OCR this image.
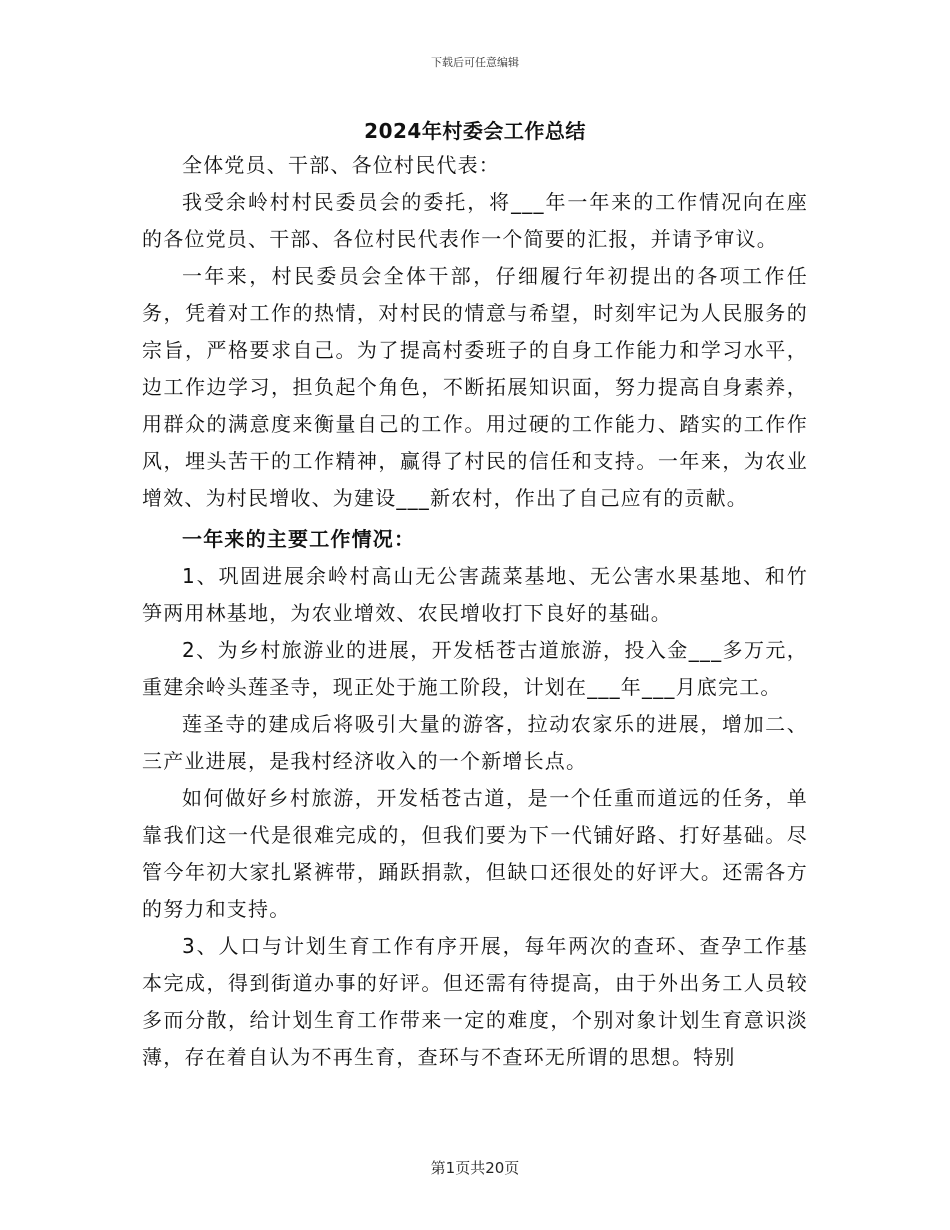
下载后可任意编辑
2024年村委会工作总结

全体党员、干部、各位村民代表：

我受余岭村村民委员会的委托，将___年一年来的工作情况向在座的各位党员、干部、各位村民代表作一个简要的汇报，并请予审议。

一年来，村民委员会全体干部，仔细履行年初提出的各项工作任务，凭着对工作的热情，对村民的情意与希望，时刻牢记为人民服务的宗旨，严格要求自己。为了提高村委班子的自身工作能力和学习水平，边工作边学习，担负起个角色，不断拓展知识面，努力提高自身素养，用群众的满意度来衡量自己的工作。用过硬的工作能力、踏实的工作作风，埋头苦干的工作精神，赢得了村民的信任和支持。一年来，为农业增效、为村民增收、为建设___新农村，作出了自己应有的贡献。

一年来的主要工作情况：

1、巩固进展余岭村高山无公害蔬菜基地、无公害水果基地、和竹笋两用林基地，为农业增效、农民增收打下良好的基础。

2、为乡村旅游业的进展，开发栝苍古道旅游，投入金___多万元，重建余岭头莲圣寺，现正处于施工阶段，计划在___年___月底完工。

莲圣寺的建成后将吸引大量的游客，拉动农家乐的进展，增加二、三产业进展，是我村经济收入的一个新增长点。

如何做好乡村旅游，开发栝苍古道，是一个任重而道远的任务，单靠我们这一代是很难完成的，但我们要为下一代铺好路、打好基础。尽管今年初大家扎紧裤带，踊跃捐款，但缺口还很处的好评大。还需各方的努力和支持。

3、人口与计划生育工作有序开展，每年两次的查环、查孕工作基本完成，得到街道办事的好评。但还需有待提高，由于外出务工人员较多而分散，给计划生育工作带来一定的难度，个别对象计划生育意识淡薄，存在着自认为不再生育，查环与不查环无所谓的思想。特别

第1页共20页
